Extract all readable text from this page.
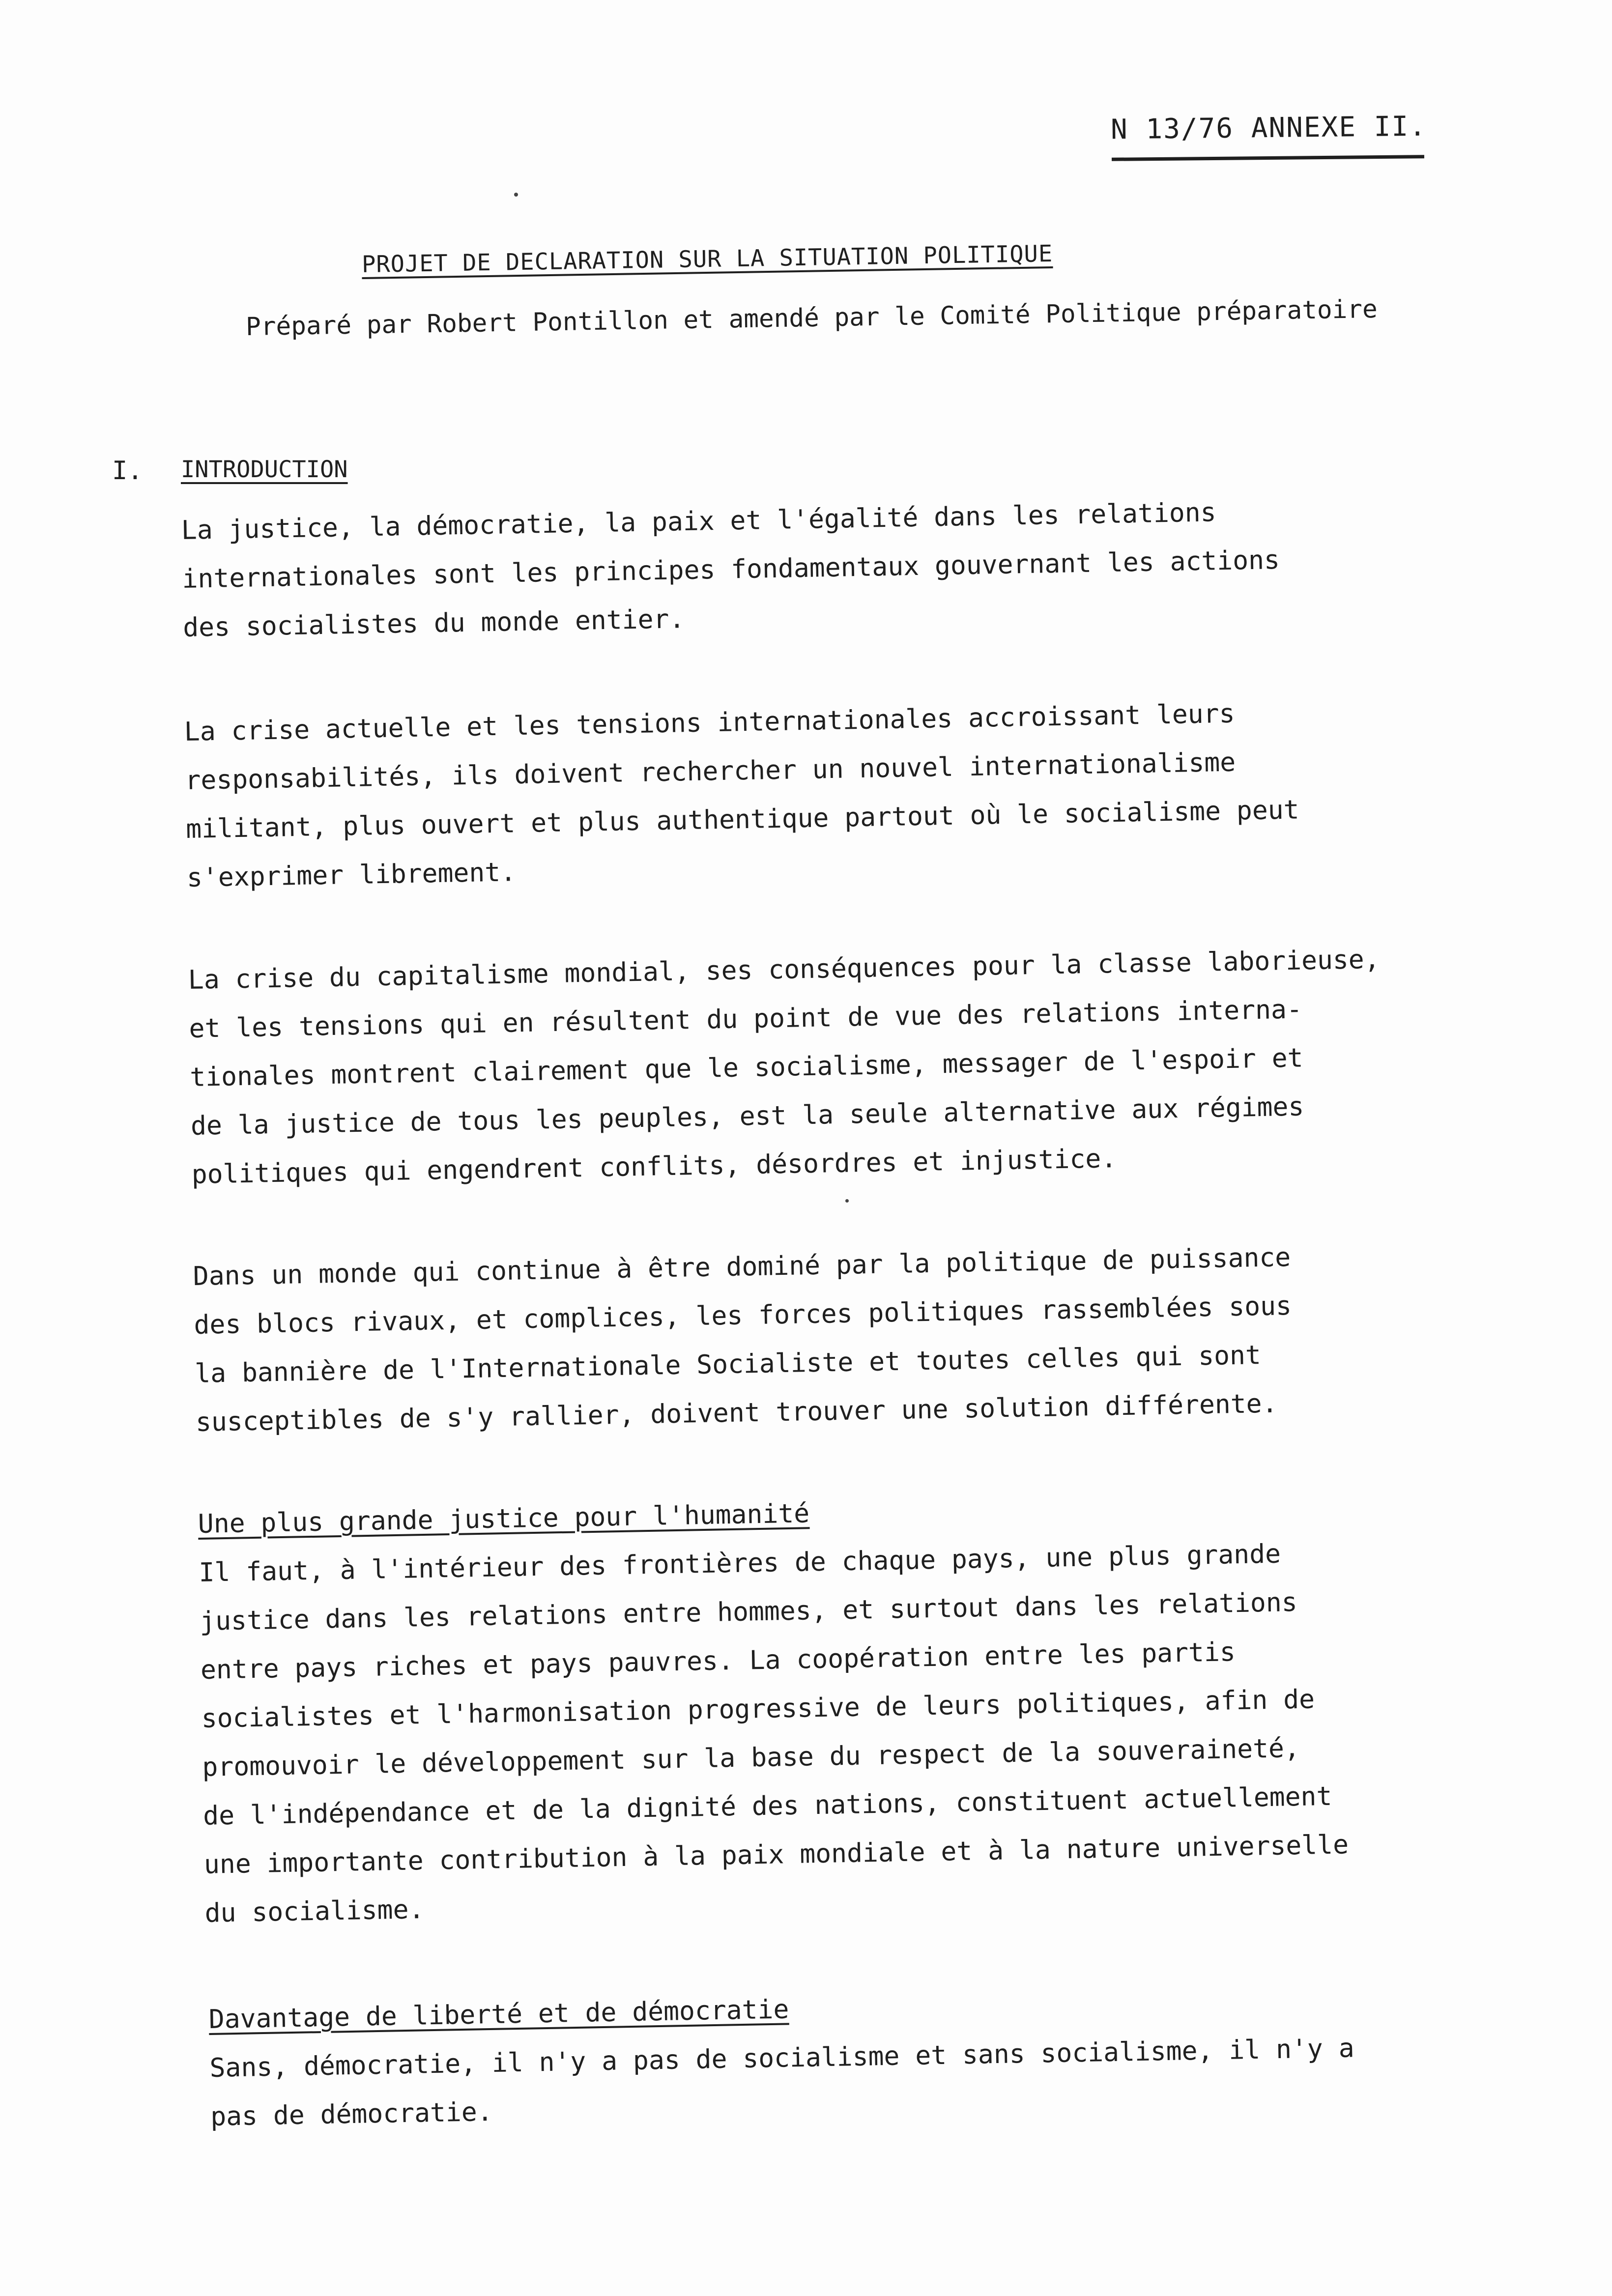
N 13/76 ANNEXE II.
PROJET DE DECLARATION SUR LA SITUATION POLITIQUE
Préparé par Robert Pontillon et amendé par le Comité Politique préparatoire
I. INTRODUCTION
La justice, la démocratie, la paix et l'égalité dans les relations
internationales sont les principes fondamentaux gouvernant les actions
des socialistes du monde entier.
La crise actuelle et les tensions internationales accroissant leurs
responsabilités, ils doivent rechercher un nouvel internationalisme
militant, plus ouvert et plus authentique partout où le socialisme peut
s'exprimer librement.
La crise du capitalisme mondial, ses conséquences pour la classe laborieuse,
et les tensions qui en résultent du point de vue des relations interna-
tionales montrent clairement que le socialisme, messager de l'espoir et
de la justice de tous les peuples, est la seule alternative aux régimes
politiques qui engendrent conflits, désordres et injustice.
Dans un monde qui continue à être dominé par la politique de puissance
des blocs rivaux, et complices, les forces politiques rassemblées sous
la bannière de l'Internationale Socialiste et toutes celles qui sont
susceptibles de s'y rallier, doivent trouver une solution différente.
Une plus grande justice pour l'humanité
Il faut, à l'intérieur des frontières de chaque pays, une plus grande
justice dans les relations entre hommes, et surtout dans les relations
entre pays riches et pays pauvres. La coopération entre les partis
socialistes et l'harmonisation progressive de leurs politiques, afin de
promouvoir le développement sur la base du respect de la souveraineté,
de l'indépendance et de la dignité des nations, constituent actuellement
une importante contribution à la paix mondiale et à la nature universelle
du socialisme.
Davantage de liberté et de démocratie
Sans, démocratie, il n'y a pas de socialisme et sans socialisme, il n'y a
pas de démocratie.
